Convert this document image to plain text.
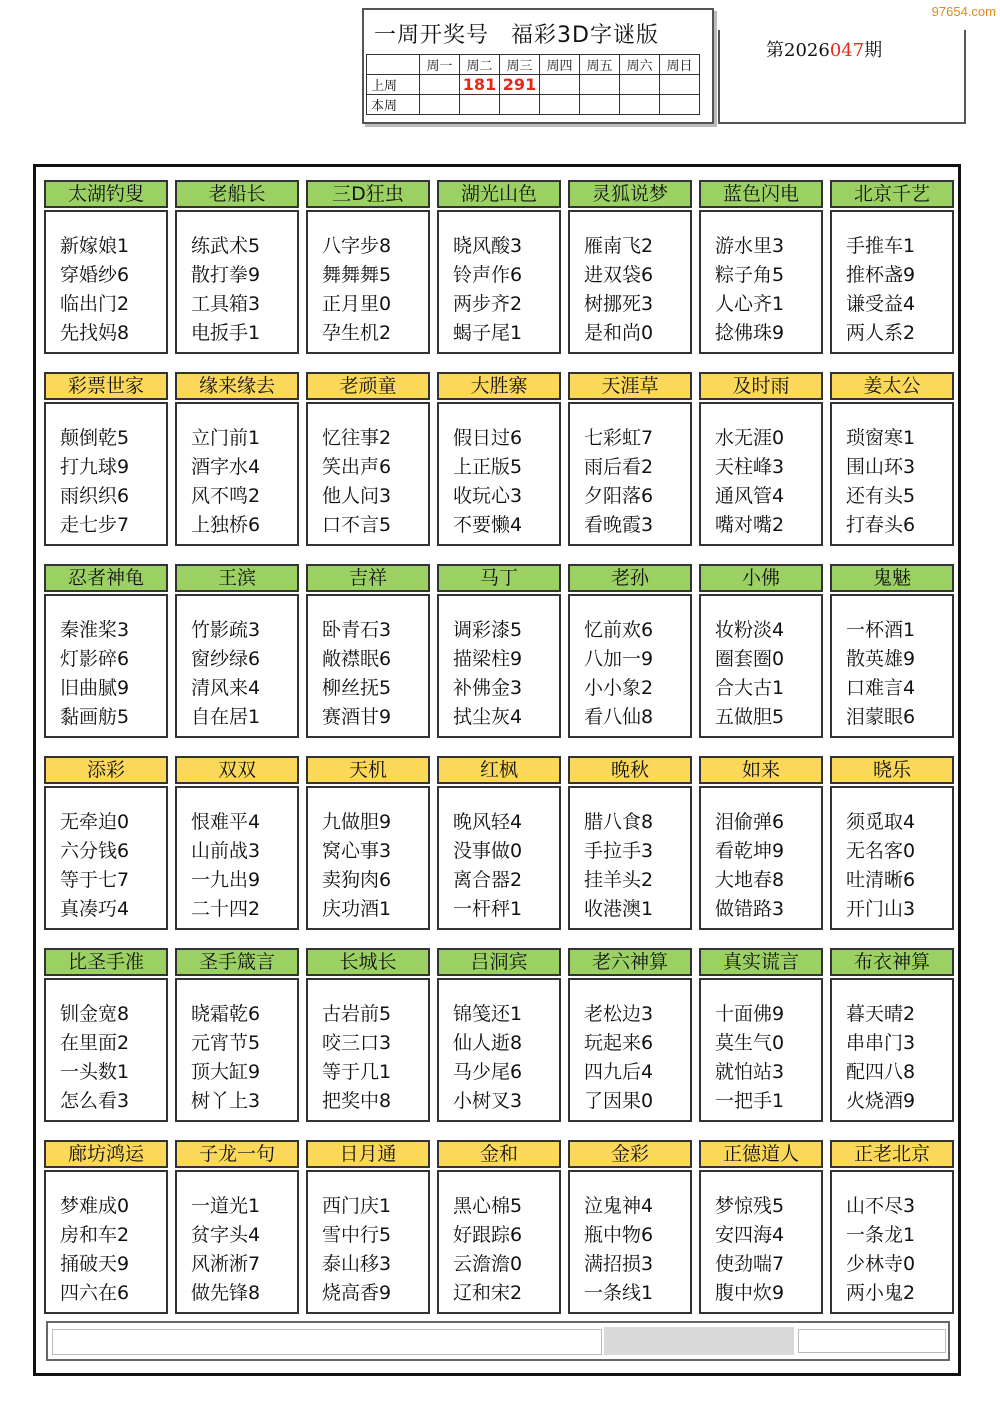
97654.com
一周开奖号 福彩3D字谜版
	周一	周二	周三	周四	周五	周六	周日
上周		181	291				
本周							
第2026047期
太湖钓叟
新嫁娘1
穿婚纱6
临出门2
先找妈8
老船长
练武术5
散打拳9
工具箱3
电扳手1
三D狂虫
八字步8
舞舞舞5
正月里0
孕生机2
湖光山色
晓风酸3
铃声作6
两步齐2
蝎子尾1
灵狐说梦
雁南飞2
进双袋6
树挪死3
是和尚0
蓝色闪电
游水里3
粽子角5
人心齐1
捻佛珠9
北京千艺
手推车1
推杯盏9
谦受益4
两人系2
彩票世家
颠倒乾5
打九球9
雨织织6
走七步7
缘来缘去
立门前1
酒字水4
风不鸣2
上独桥6
老顽童
忆往事2
笑出声6
他人问3
口不言5
大胜寨
假日过6
上正版5
收玩心3
不要懒4
天涯草
七彩虹7
雨后看2
夕阳落6
看晚霞3
及时雨
水无涯0
天柱峰3
通风管4
嘴对嘴2
姜太公
琐窗寒1
围山环3
还有头5
打春头6
忍者神龟
秦淮桨3
灯影碎6
旧曲腻9
黏画舫5
王滨
竹影疏3
窗纱绿6
清风来4
自在居1
吉祥
卧青石3
敞襟眠6
柳丝抚5
赛酒甘9
马丁
调彩漆5
描梁柱9
补佛金3
拭尘灰4
老孙
忆前欢6
八加一9
小小象2
看八仙8
小佛
妆粉淡4
圈套圈0
合大古1
五做胆5
鬼魅
一杯酒1
散英雄9
口难言4
泪蒙眼6
添彩
无牵迫0
六分钱6
等于七7
真凑巧4
双双
恨难平4
山前战3
一九出9
二十四2
天机
九做胆9
窝心事3
卖狗肉6
庆功酒1
红枫
晚风轻4
没事做0
离合器2
一杆秤1
晚秋
腊八食8
手拉手3
挂羊头2
收港澳1
如来
泪偷弹6
看乾坤9
大地春8
做错路3
晓乐
须觅取4
无名客0
吐清晰6
开门山3
比圣手准
钏金宽8
在里面2
一头数1
怎么看3
圣手箴言
晓霜乾6
元宵节5
顶大缸9
树丫上3
长城长
古岩前5
咬三口3
等于几1
把奖中8
吕洞宾
锦笺还1
仙人逝8
马少尾6
小树叉3
老六神算
老松边3
玩起来6
四九后4
了因果0
真实谎言
十面佛9
莫生气0
就怕站3
一把手1
布衣神算
暮天晴2
串串门3
配四八8
火烧酒9
廊坊鸿运
梦难成0
房和车2
捅破天9
四六在6
子龙一句
一道光1
贫字头4
风淅淅7
做先锋8
日月通
西门庆1
雪中行5
泰山移3
烧高香9
金和
黑心棉5
好跟踪6
云澹澹0
辽和宋2
金彩
泣鬼神4
瓶中物6
满招损3
一条线1
正德道人
梦惊残5
安四海4
使劲喘7
腹中炊9
正老北京
山不尽3
一条龙1
少林寺0
两小鬼2
